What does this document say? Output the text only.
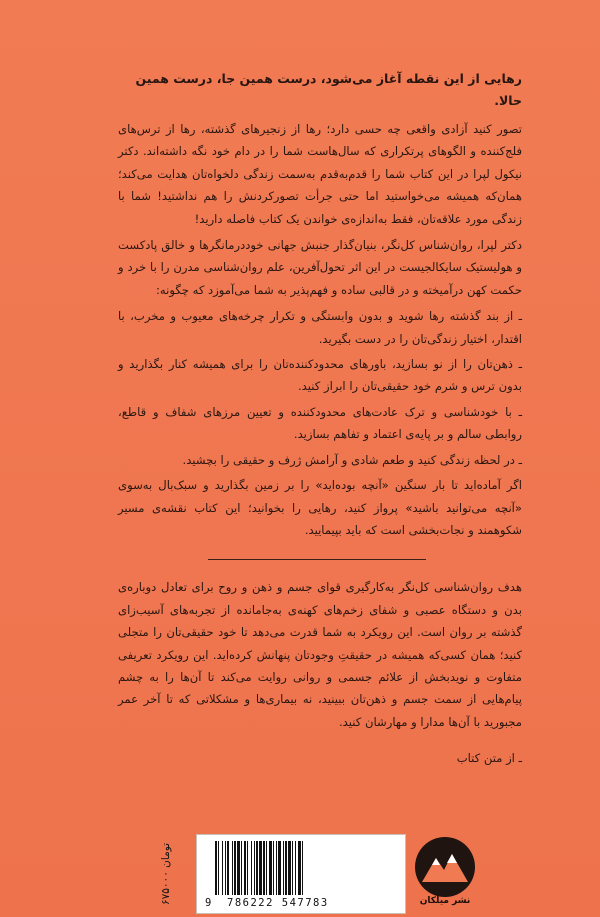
رهایی از این نقطه آغاز می‌شود، درست همین جا، درست همین حالا.

تصور کنید آزادی واقعی چه حسی دارد؛ رها از زنجیرهای گذشته، رها از ترس‌های فلج‌کننده و الگوهای پرتکراری که سال‌هاست شما را در دام خود نگه داشته‌اند. دکتر نیکول لپرا در این کتاب شما را قدم‌به‌قدم به‌سمت زندگی دلخواه‌تان هدایت می‌کند؛ همان‌که همیشه می‌خواستید اما حتی جرأت تصورکردنش را هم نداشتید! شما با زندگی مورد علاقه‌تان، فقط به‌اندازه‌ی خواندن یک کتاب فاصله دارید!

دکتر لپرا، روان‌شناس کل‌نگر، بنیان‌گذار جنبش جهانی خوددرمانگرها و خالق پادکست و هولیستیک سایکالجیست در این اثر تحول‌آفرین، علم روان‌شناسی مدرن را با خرد و حکمت کهن درآمیخته و در قالبی ساده و فهم‌پذیر به شما می‌آموزد که چگونه:

ـ از بند گذشته رها شوید و بدون وابستگی و تکرار چرخه‌های معیوب و مخرب، با اقتدار، اختیار زندگی‌تان را در دست بگیرید.

ـ ذهن‌تان را از نو بسازید، باورهای محدودکننده‌تان را برای همیشه کنار بگذارید و بدون ترس و شرم خود حقیقی‌تان را ابراز کنید.

ـ با خودشناسی و ترک عادت‌های محدودکننده و تعیین مرزهای شفاف و قاطع، روابطی سالم و بر پایه‌ی اعتماد و تفاهم بسازید.

ـ در لحظه زندگی کنید و طعم شادی و آرامش ژرف و حقیقی را بچشید.

اگر آماده‌اید تا بار سنگین «آنچه بوده‌اید» را بر زمین بگذارید و سبک‌بال به‌سوی «آنچه می‌توانید باشید» پرواز کنید، رهایی را بخوانید؛ این کتاب نقشه‌ی مسیر شکوهمند و نجات‌بخشی است که باید بپیمایید.

هدف روان‌شناسی کل‌نگر به‌کارگیری قوای جسم و ذهن و روح برای تعادل دوباره‌ی بدن و دستگاه عصبی و شفای زخم‌های کهنه‌ی به‌جامانده از تجربه‌های آسیب‌زای گذشته بر روان است. این رویکرد به شما قدرت می‌دهد تا خود حقیقی‌تان را متجلی کنید؛ همان کسی‌که همیشه در حقیقتِ وجودتان پنهانش کرده‌اید. این رویکرد تعریفی متفاوت و نویدبخش از علائم جسمی و روانی روایت می‌کند تا آن‌ها را به چشم پیام‌هایی از سمت جسم و ذهن‌تان ببینید، نه بیماری‌ها و مشکلاتی که تا آخر عمر مجبورید با آن‌ها مدارا و مهارشان کنید.

ـ از متن کتاب

۶۷۵۰۰۰ تومان
9 786222 547783	نشر میلکان
